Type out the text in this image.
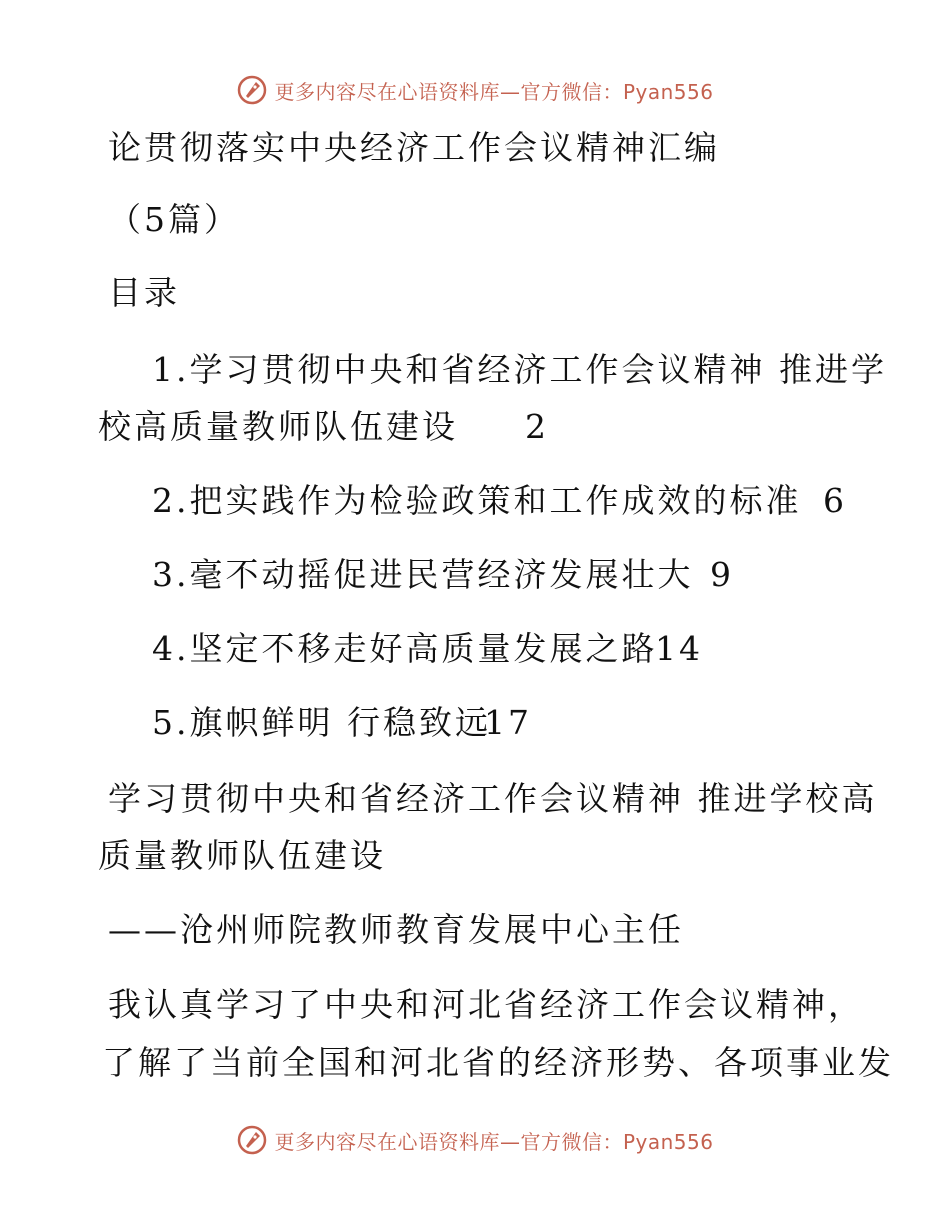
更多内容尽在心语资料库—官方微信：Pyan556
论贯彻落实中央经济工作会议精神汇编
（5篇）
目录
1.学习贯彻中央和省经济工作会议精神 推进学
校高质量教师队伍建设 2
2.把实践作为检验政策和工作成效的标准 6
3.毫不动摇促进民营经济发展壮大 9
4.坚定不移走好高质量发展之路
14
5.旗帜鲜明 行稳致远
17
学习贯彻中央和省经济工作会议精神 推进学校高
质量教师队伍建设
——沧州师院教师教育发展中心主任
我认真学习了中央和河北省经济工作会议精神，
了解了当前全国和河北省的经济形势、各项事业发
更多内容尽在心语资料库—官方微信：Pyan556
